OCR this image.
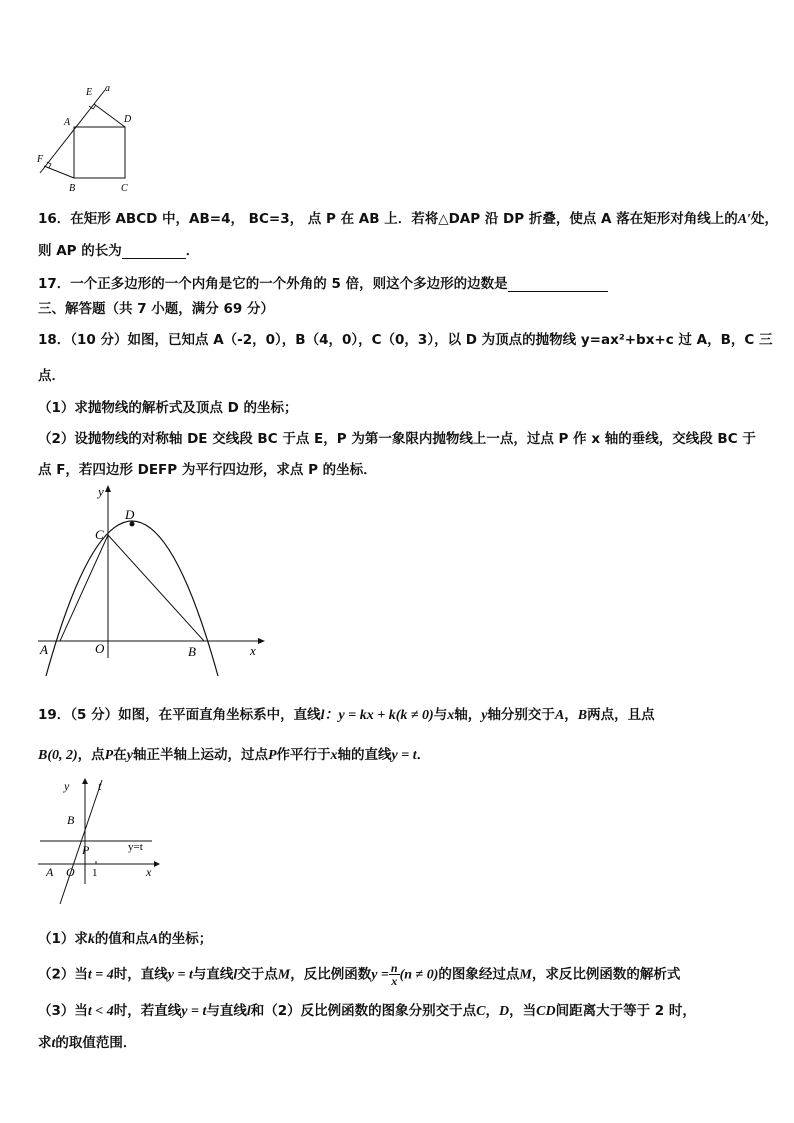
E a
A	D
F
B	C
16．在矩形 ABCD 中，AB=4， BC=3， 点 P 在 AB 上．若将△DAP 沿 DP 折叠，使点 A 落在矩形对角线上的A′处，
则 AP 的长为	．
17．一个正多边形的一个内角是它的一个外角的 5 倍，则这个多边形的边数是
三、解答题（共 7 小题，满分 69 分）
18．（10 分）如图，已知点 A（-2，0），B（4，0），C（0，3），以 D 为顶点的抛物线 y=ax²+bx+c 过 A，B，C 三
点．
（1）求抛物线的解析式及顶点 D 的坐标；
（2）设抛物线的对称轴 DE 交线段 BC 于点 E，P 为第一象限内抛物线上一点，过点 P 作 x 轴的垂线，交线段 BC 于
点 F，若四边形 DEFP 为平行四边形，求点 P 的坐标．
y
D
C
A	O	B	x
19．（5 分）如图，在平面直角坐标系中，直线l：y = kx + k(k ≠ 0)与x轴，y轴分别交于A，B两点，且点
B(0, 2)，点P在y轴正半轴上运动，过点P作平行于x轴的直线y = t．
y t
B
P	y=t
A O 1	x
（1）求k的值和点A的坐标；
（2）当t = 4时，直线y = t与直线l交于点M，反比例函数$y = \frac{n}{x} (n \ne 0)$的图象经过点M，求反比例函数的解析式
（3）当t < 4时，若直线y = t与直线l和（2）反比例函数的图象分别交于点C，D，当CD间距离大于等于 2 时，
求t的取值范围．
